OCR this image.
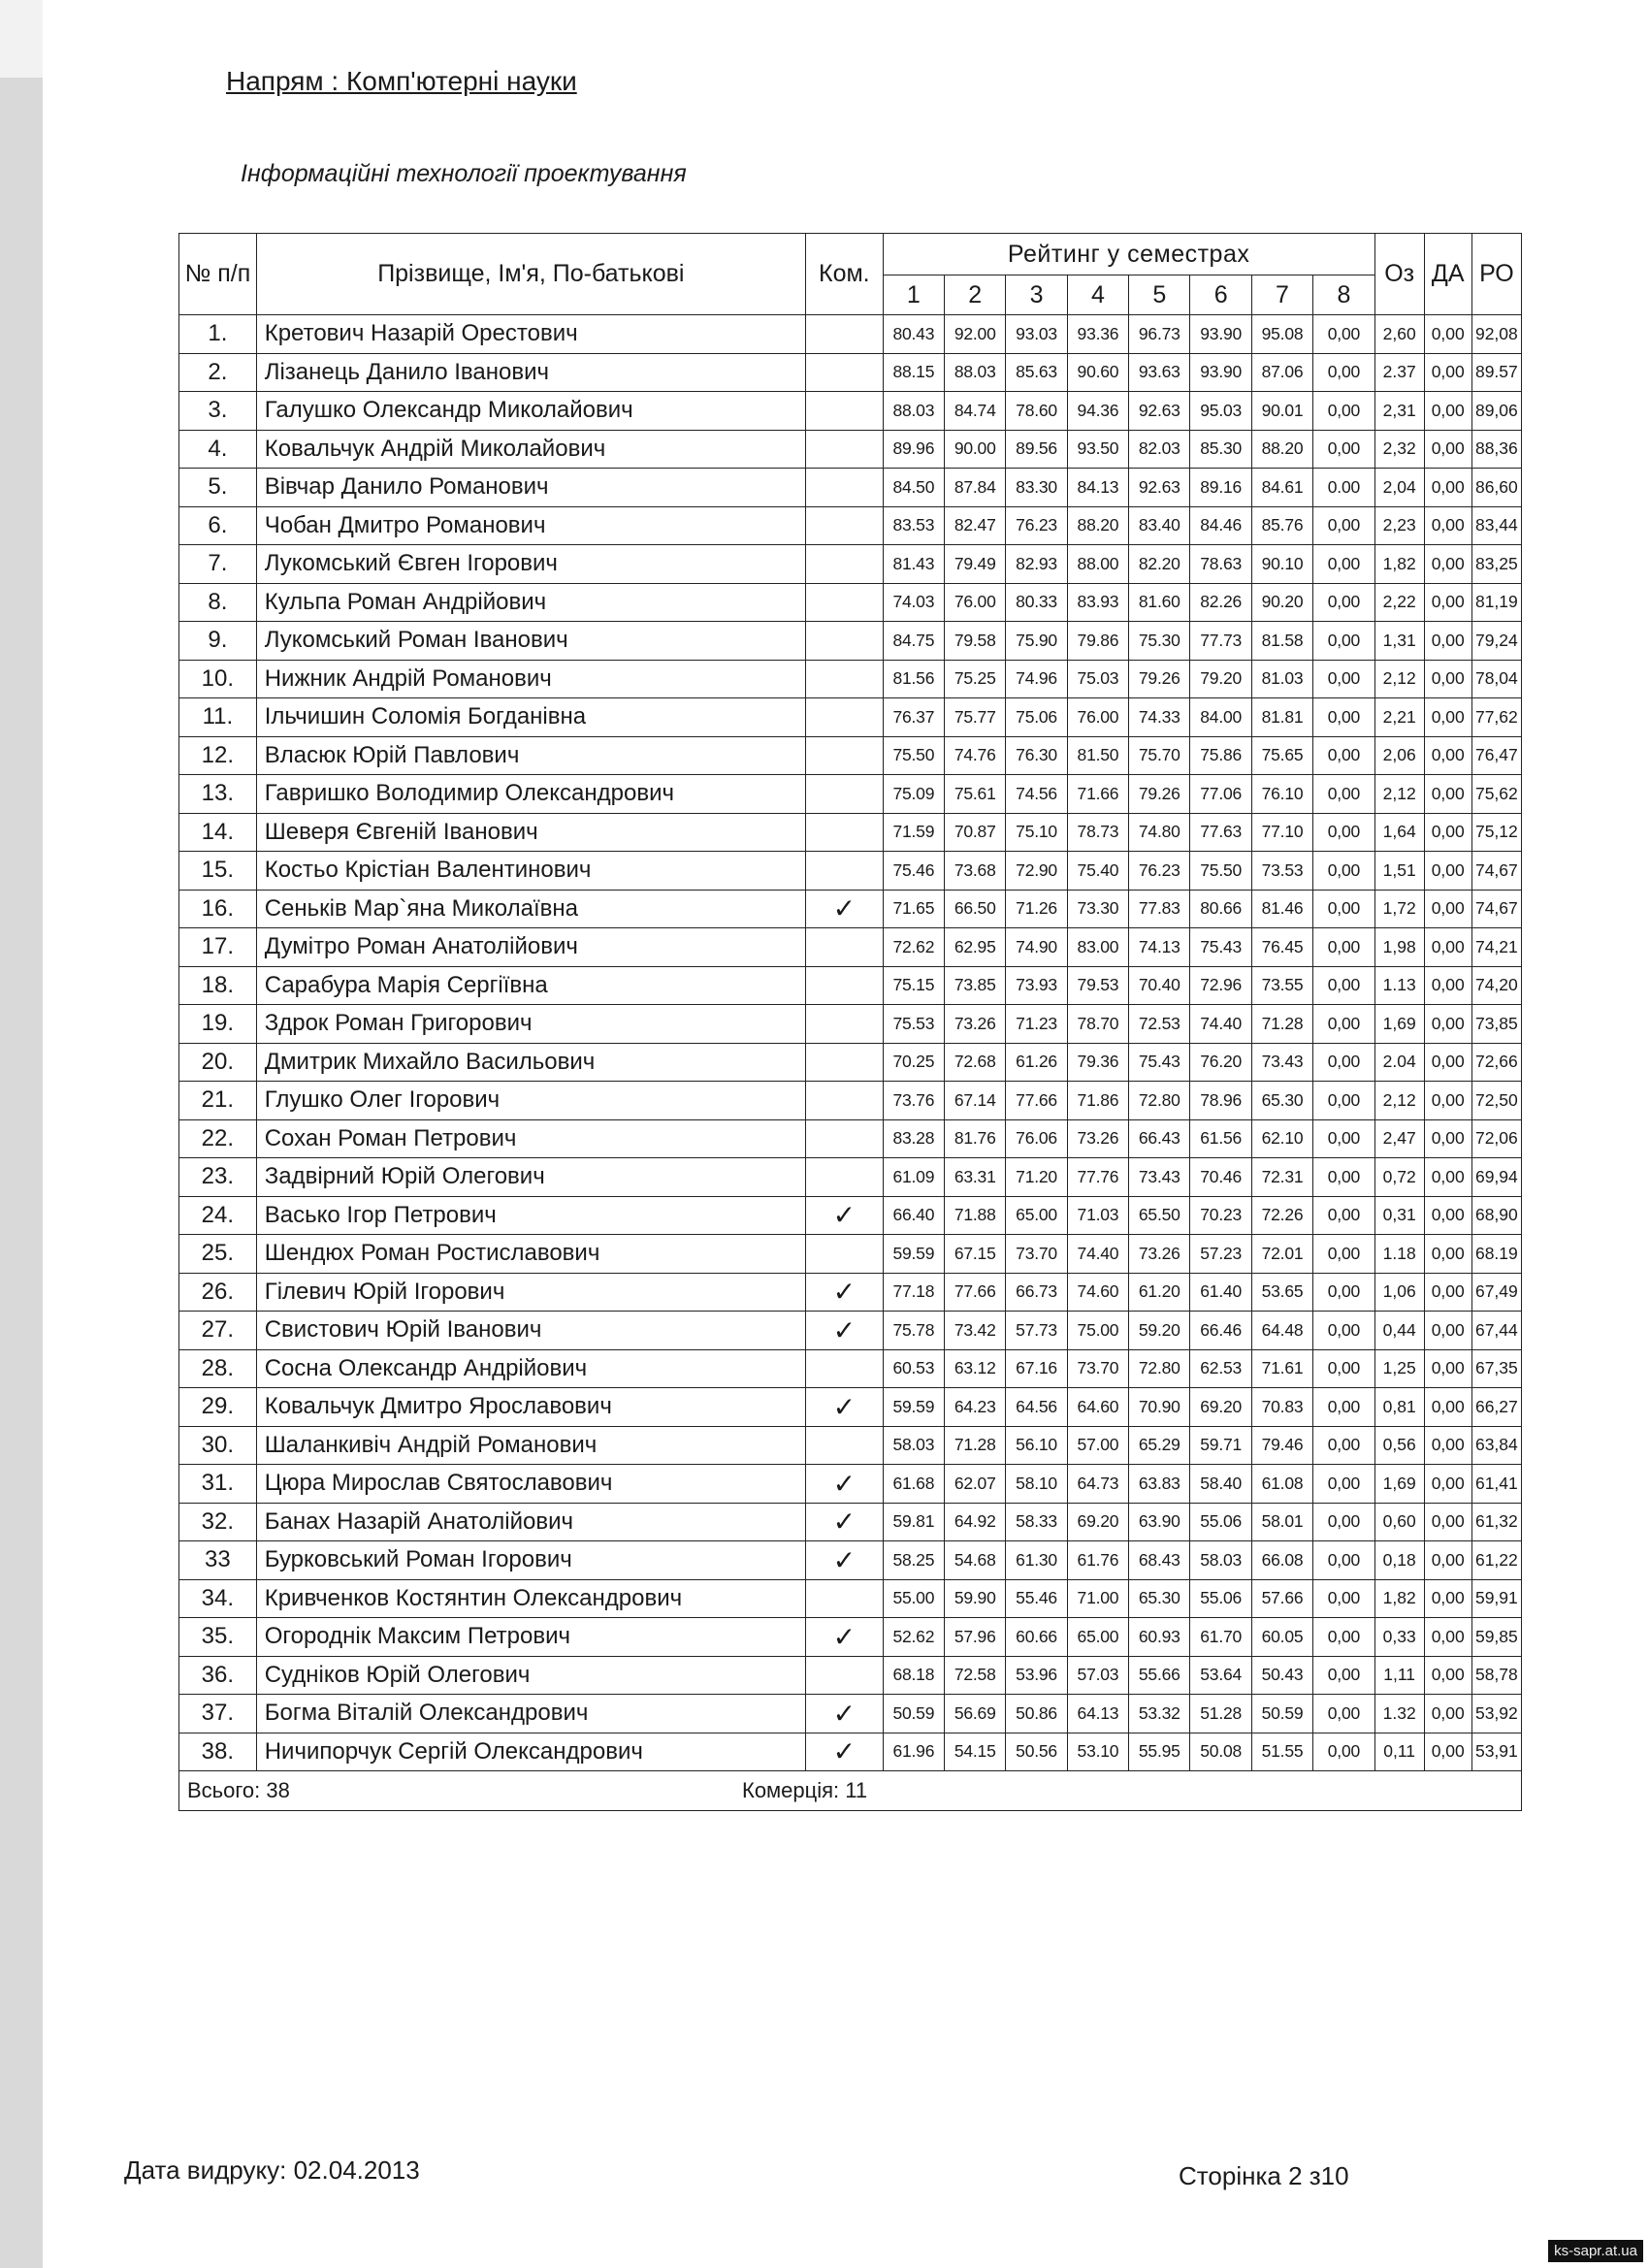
Напрям : Комп'ютерні науки
Інформаційні технології проектування
№ п/п	Прізвище, Ім'я, По-батькові	Ком.	Рейтинг у семестрах								Оз	ДА	РО
			1	2	3	4	5	6	7	8			
1.	Кретович Назарій Орестович		80.43	92.00	93.03	93.36	96.73	93.90	95.08	0,00	2,60	0,00	92,08
2.	Лізанець Данило Іванович		88.15	88.03	85.63	90.60	93.63	93.90	87.06	0,00	2.37	0,00	89.57
3.	Галушко Олександр Миколайович		88.03	84.74	78.60	94.36	92.63	95.03	90.01	0,00	2,31	0,00	89,06
4.	Ковальчук Андрій Миколайович		89.96	90.00	89.56	93.50	82.03	85.30	88.20	0,00	2,32	0,00	88,36
5.	Вівчар Данило Романович		84.50	87.84	83.30	84.13	92.63	89.16	84.61	0.00	2,04	0,00	86,60
6.	Чобан Дмитро Романович		83.53	82.47	76.23	88.20	83.40	84.46	85.76	0,00	2,23	0,00	83,44
7.	Лукомський Євген Ігорович		81.43	79.49	82.93	88.00	82.20	78.63	90.10	0,00	1,82	0,00	83,25
8.	Кульпа Роман Андрійович		74.03	76.00	80.33	83.93	81.60	82.26	90.20	0,00	2,22	0,00	81,19
9.	Лукомський Роман Іванович		84.75	79.58	75.90	79.86	75.30	77.73	81.58	0,00	1,31	0,00	79,24
10.	Нижник Андрій Романович		81.56	75.25	74.96	75.03	79.26	79.20	81.03	0,00	2,12	0,00	78,04
11.	Ільчишин Соломія Богданівна		76.37	75.77	75.06	76.00	74.33	84.00	81.81	0,00	2,21	0,00	77,62
12.	Власюк Юрій Павлович		75.50	74.76	76.30	81.50	75.70	75.86	75.65	0,00	2,06	0,00	76,47
13.	Гавришко Володимир Олександрович		75.09	75.61	74.56	71.66	79.26	77.06	76.10	0,00	2,12	0,00	75,62
14.	Шеверя Євгеній Іванович		71.59	70.87	75.10	78.73	74.80	77.63	77.10	0,00	1,64	0,00	75,12
15.	Костьо Крістіан Валентинович		75.46	73.68	72.90	75.40	76.23	75.50	73.53	0,00	1,51	0,00	74,67
16.	Сеньків Мар`яна Миколаївна	✓	71.65	66.50	71.26	73.30	77.83	80.66	81.46	0,00	1,72	0,00	74,67
17.	Думітро Роман Анатолійович		72.62	62.95	74.90	83.00	74.13	75.43	76.45	0,00	1,98	0,00	74,21
18.	Сарабура Марія Сергіївна		75.15	73.85	73.93	79.53	70.40	72.96	73.55	0,00	1.13	0,00	74,20
19.	Здрок Роман Григорович		75.53	73.26	71.23	78.70	72.53	74.40	71.28	0,00	1,69	0,00	73,85
20.	Дмитрик Михайло Васильович		70.25	72.68	61.26	79.36	75.43	76.20	73.43	0,00	2.04	0,00	72,66
21.	Глушко Олег Ігорович		73.76	67.14	77.66	71.86	72.80	78.96	65.30	0,00	2,12	0,00	72,50
22.	Сохан Роман Петрович		83.28	81.76	76.06	73.26	66.43	61.56	62.10	0,00	2,47	0,00	72,06
23.	Задвірний Юрій Олегович		61.09	63.31	71.20	77.76	73.43	70.46	72.31	0,00	0,72	0,00	69,94
24.	Васько Ігор Петрович	✓	66.40	71.88	65.00	71.03	65.50	70.23	72.26	0,00	0,31	0,00	68,90
25.	Шендюх Роман Ростиславович		59.59	67.15	73.70	74.40	73.26	57.23	72.01	0,00	1.18	0,00	68.19
26.	Гілевич Юрій Ігорович	✓	77.18	77.66	66.73	74.60	61.20	61.40	53.65	0,00	1,06	0,00	67,49
27.	Свистович Юрій Іванович	✓	75.78	73.42	57.73	75.00	59.20	66.46	64.48	0,00	0,44	0,00	67,44
28.	Сосна Олександр Андрійович		60.53	63.12	67.16	73.70	72.80	62.53	71.61	0,00	1,25	0,00	67,35
29.	Ковальчук Дмитро Ярославович	✓	59.59	64.23	64.56	64.60	70.90	69.20	70.83	0,00	0,81	0,00	66,27
30.	Шаланкивіч Андрій Романович		58.03	71.28	56.10	57.00	65.29	59.71	79.46	0,00	0,56	0,00	63,84
31.	Цюра Мирослав Святославович	✓	61.68	62.07	58.10	64.73	63.83	58.40	61.08	0,00	1,69	0,00	61,41
32.	Банах Назарій Анатолійович	✓	59.81	64.92	58.33	69.20	63.90	55.06	58.01	0,00	0,60	0,00	61,32
33	Бурковський Роман Ігорович	✓	58.25	54.68	61.30	61.76	68.43	58.03	66.08	0,00	0,18	0,00	61,22
34.	Кривченков Костянтин Олександрович		55.00	59.90	55.46	71.00	65.30	55.06	57.66	0,00	1,82	0,00	59,91
35.	Огороднік Максим Петрович	✓	52.62	57.96	60.66	65.00	60.93	61.70	60.05	0,00	0,33	0,00	59,85
36.	Судніков Юрій Олегович		68.18	72.58	53.96	57.03	55.66	53.64	50.43	0,00	1,11	0,00	58,78
37.	Богма Віталій Олександрович	✓	50.59	56.69	50.86	64.13	53.32	51.28	50.59	0,00	1.32	0,00	53,92
38.	Ничипорчук Сергій Олександрович	✓	61.96	54.15	50.56	53.10	55.95	50.08	51.55	0,00	0,11	0,00	53,91

Всього: 38 Комерція: 11													
Дата видруку: 02.04.2013	Сторінка 2 з10
ks-sapr.at.ua
